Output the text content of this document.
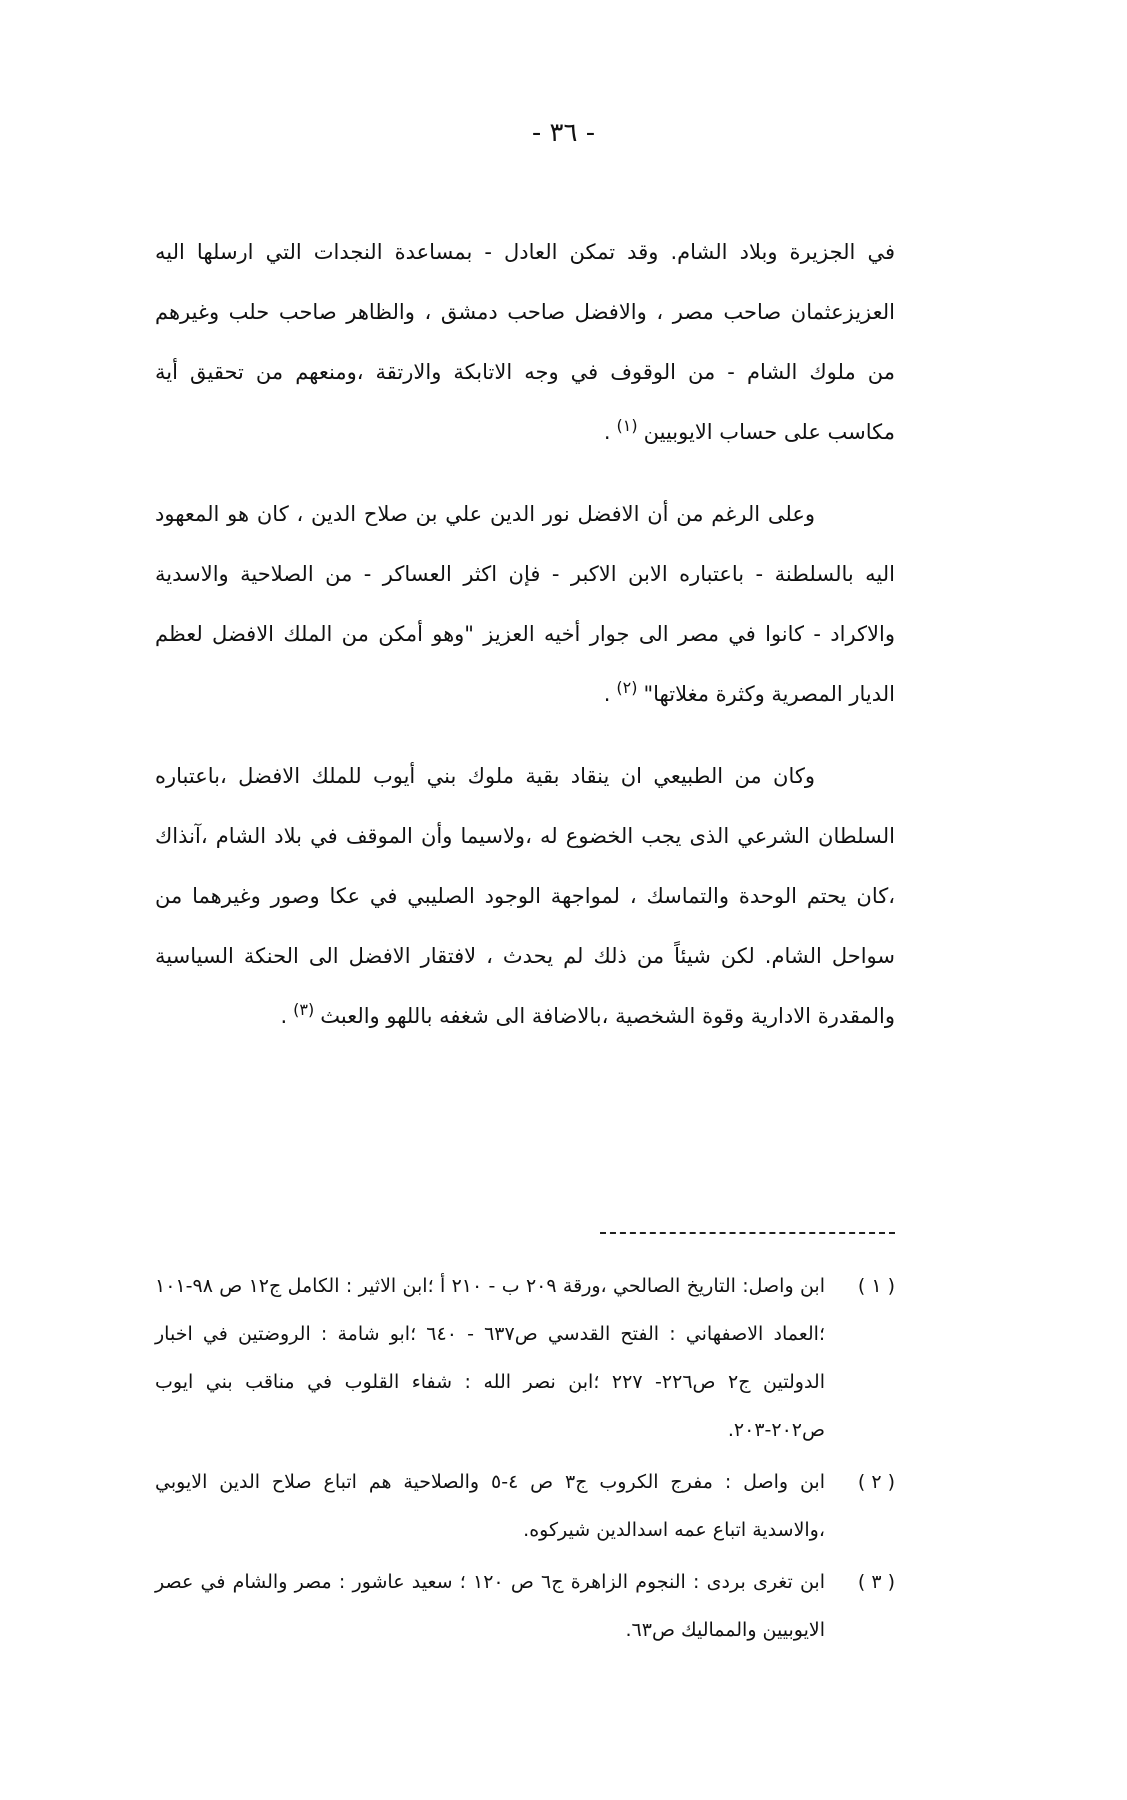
- ٣٦ -

في الجزيرة وبلاد الشام. وقد تمكن العادل - بمساعدة النجدات التي ارسلها اليه العزيزعثمان صاحب مصر ، والافضل صاحب دمشق ، والظاهر صاحب حلب وغيرهم من ملوك الشام - من الوقوف في وجه الاتابكة والارتقة ،ومنعهم من تحقيق أية مكاسب على حساب الايوبيين$^{(١)}$.

وعلى الرغم من أن الافضل نور الدين علي بن صلاح الدين ، كان هو المعهود اليه بالسلطنة - باعتباره الابن الاكبر - فإن اكثر العساكر - من الصلاحية والاسدية والاكراد - كانوا في مصر الى جوار أخيه العزيز "وهو أمكن من الملك الافضل لعظم الديار المصرية وكثرة مغلاتها"$^{(٢)}$.

وكان من الطبيعي ان ينقاد بقية ملوك بني أيوب للملك الافضل ،باعتباره السلطان الشرعي الذى يجب الخضوع له ،ولاسيما وأن الموقف في بلاد الشام ،آنذاك ،كان يحتم الوحدة والتماسك ، لمواجهة الوجود الصليبي في عكا وصور وغيرهما من سواحل الشام. لكن شيئاً من ذلك لم يحدث ، لافتقار الافضل الى الحنكة السياسية والمقدرة الادارية وقوة الشخصية ،بالاضافة الى شغفه باللهو والعبث$^{(٣)}$.

( ١ )
ابن واصل: التاريخ الصالحي ،ورقة ٢٠٩ ب - ٢١٠ أ ؛ابن الاثير : الكامل ج١٢ ص ٩٨-١٠١ ؛العماد الاصفهاني : الفتح القدسي ص٦٣٧ - ٦٤٠ ؛ابو شامة : الروضتين في اخبار الدولتين ج٢ ص٢٢٦- ٢٢٧ ؛ابن نصر الله : شفاء القلوب في مناقب بني ايوب ص٢٠٢-٢٠٣.
( ٢ )
ابن واصل : مفرج الكروب ج٣ ص ٤-٥ والصلاحية هم اتباع صلاح الدين الايوبي ،والاسدية اتباع عمه اسدالدين شيركوه.
( ٣ )
ابن تغرى بردى : النجوم الزاهرة ج٦ ص ١٢٠ ؛ سعيد عاشور : مصر والشام في عصر الايوبيين والمماليك ص٦٣.
